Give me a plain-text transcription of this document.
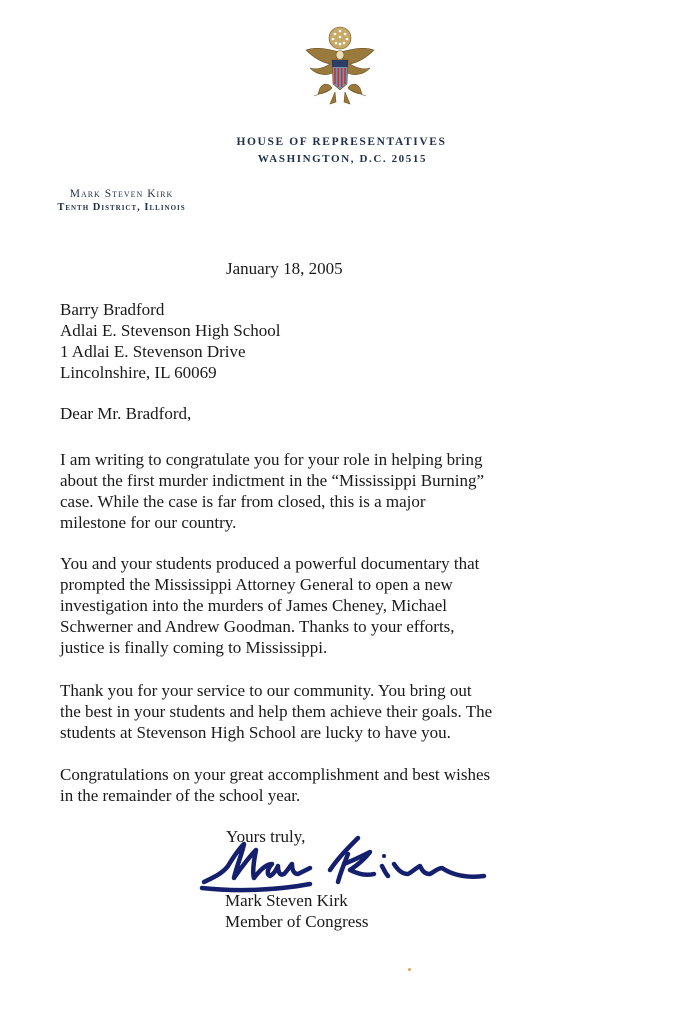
HOUSE OF REPRESENTATIVES
WASHINGTON, D.C. 20515
Mark Steven Kirk
Tenth District, Illinois
January 18, 2005
Barry Bradford
Adlai E. Stevenson High School
1 Adlai E. Stevenson Drive
Lincolnshire, IL 60069
Dear Mr. Bradford,
I am writing to congratulate you for your role in helping bring
about the first murder indictment in the “Mississippi Burning”
case. While the case is far from closed, this is a major
milestone for our country.
You and your students produced a powerful documentary that
prompted the Mississippi Attorney General to open a new
investigation into the murders of James Cheney, Michael
Schwerner and Andrew Goodman. Thanks to your efforts,
justice is finally coming to Mississippi.
Thank you for your service to our community. You bring out
the best in your students and help them achieve their goals. The
students at Stevenson High School are lucky to have you.
Congratulations on your great accomplishment and best wishes
in the remainder of the school year.
Yours truly,
Mark Steven Kirk
Member of Congress
